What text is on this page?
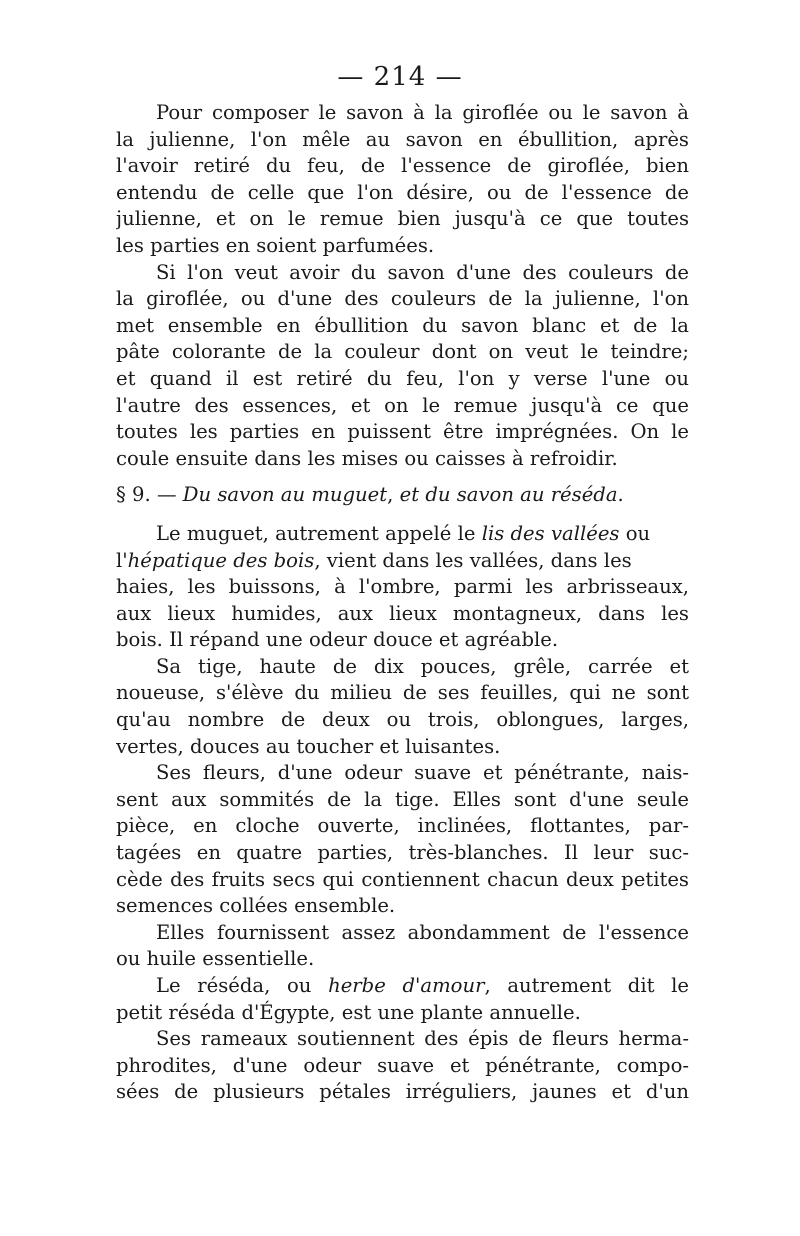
— 214 —
Pour composer le savon à la giroflée ou le savon à
la julienne, l'on mêle au savon en ébullition, après
l'avoir retiré du feu, de l'essence de giroflée, bien
entendu de celle que l'on désire, ou de l'essence de
julienne, et on le remue bien jusqu'à ce que toutes
les parties en soient parfumées.
Si l'on veut avoir du savon d'une des couleurs de
la giroflée, ou d'une des couleurs de la julienne, l'on
met ensemble en ébullition du savon blanc et de la
pâte colorante de la couleur dont on veut le teindre;
et quand il est retiré du feu, l'on y verse l'une ou
l'autre des essences, et on le remue jusqu'à ce que
toutes les parties en puissent être imprégnées. On le
coule ensuite dans les mises ou caisses à refroidir.
§ 9. — Du savon au muguet, et du savon au réséda.
Le muguet, autrement appelé le lis des vallées ou
l'hépatique des bois, vient dans les vallées, dans les
haies, les buissons, à l'ombre, parmi les arbrisseaux,
aux lieux humides, aux lieux montagneux, dans les
bois. Il répand une odeur douce et agréable.
Sa tige, haute de dix pouces, grêle, carrée et
noueuse, s'élève du milieu de ses feuilles, qui ne sont
qu'au nombre de deux ou trois, oblongues, larges,
vertes, douces au toucher et luisantes.
Ses fleurs, d'une odeur suave et pénétrante, nais-
sent aux sommités de la tige. Elles sont d'une seule
pièce, en cloche ouverte, inclinées, flottantes, par-
tagées en quatre parties, très-blanches. Il leur suc-
cède des fruits secs qui contiennent chacun deux petites
semences collées ensemble.
Elles fournissent assez abondamment de l'essence
ou huile essentielle.
Le réséda, ou herbe d'amour, autrement dit le
petit réséda d'Égypte, est une plante annuelle.
Ses rameaux soutiennent des épis de fleurs herma-
phrodites, d'une odeur suave et pénétrante, compo-
sées de plusieurs pétales irréguliers, jaunes et d'un
